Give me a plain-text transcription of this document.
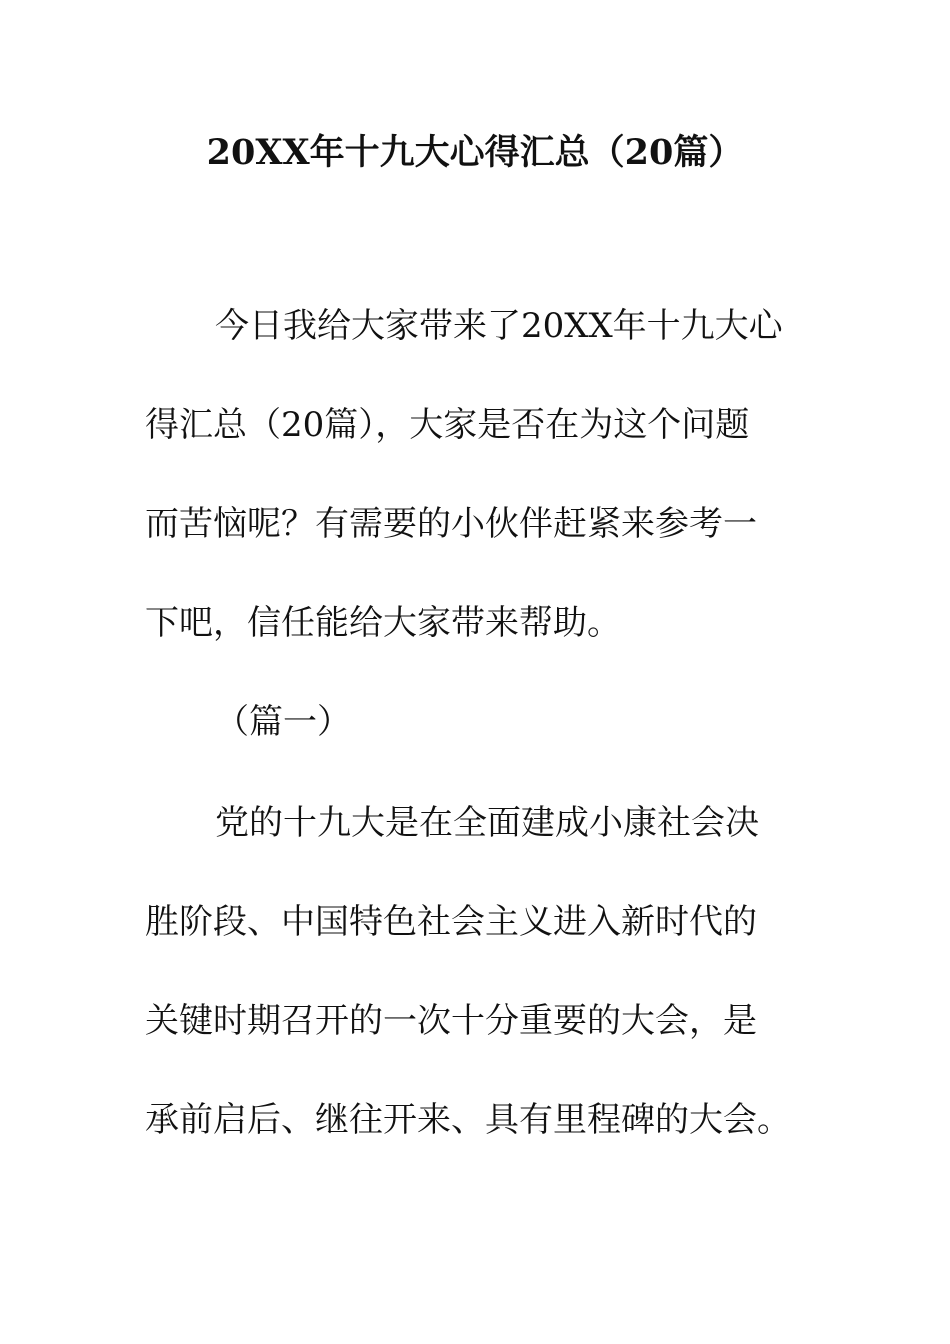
20XX年十九大心得汇总（20篇）
今日我给大家带来了20XX年十九大心
得汇总（20篇），大家是否在为这个问题
而苦恼呢？有需要的小伙伴赶紧来参考一
下吧，信任能给大家带来帮助。
（篇一）
党的十九大是在全面建成小康社会决
胜阶段、中国特色社会主义进入新时代的
关键时期召开的一次十分重要的大会，是
承前启后、继往开来、具有里程碑的大会。
